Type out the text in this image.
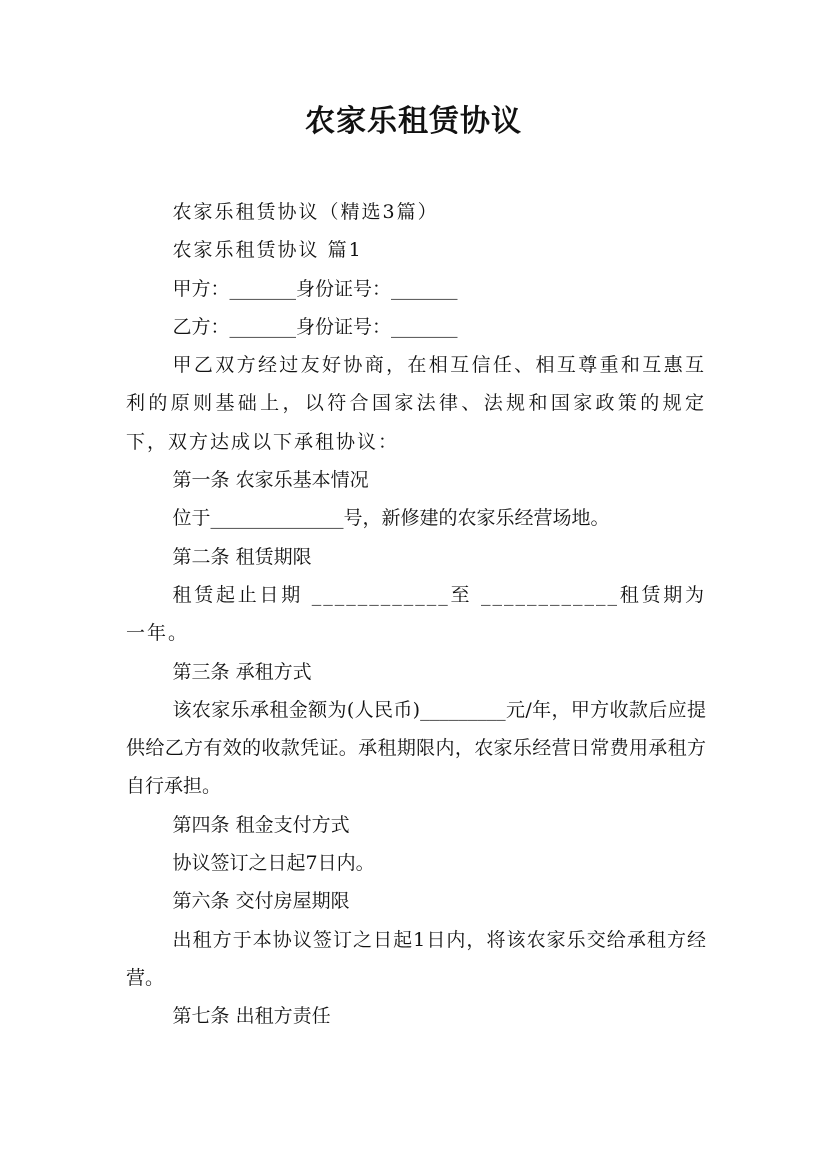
农家乐租赁协议

农家乐租赁协议（精选3篇）

农家乐租赁协议 篇1

甲方：_______身份证号：_______

乙方：_______身份证号：_______

甲乙双方经过友好协商，在相互信任、相互尊重和互惠互利的原则基础上，以符合国家法律、法规和国家政策的规定下，双方达成以下承租协议：

第一条 农家乐基本情况

位于______________号，新修建的农家乐经营场地。

第二条 租赁期限

租赁起止日期 ____________至 ____________租赁期为一年。

第三条 承租方式

该农家乐承租金额为(人民币)_________元/年，甲方收款后应提供给乙方有效的收款凭证。承租期限内，农家乐经营日常费用承租方自行承担。

第四条 租金支付方式

协议签订之日起7日内。

第六条 交付房屋期限

出租方于本协议签订之日起1日内，将该农家乐交给承租方经营。

第七条 出租方责任
